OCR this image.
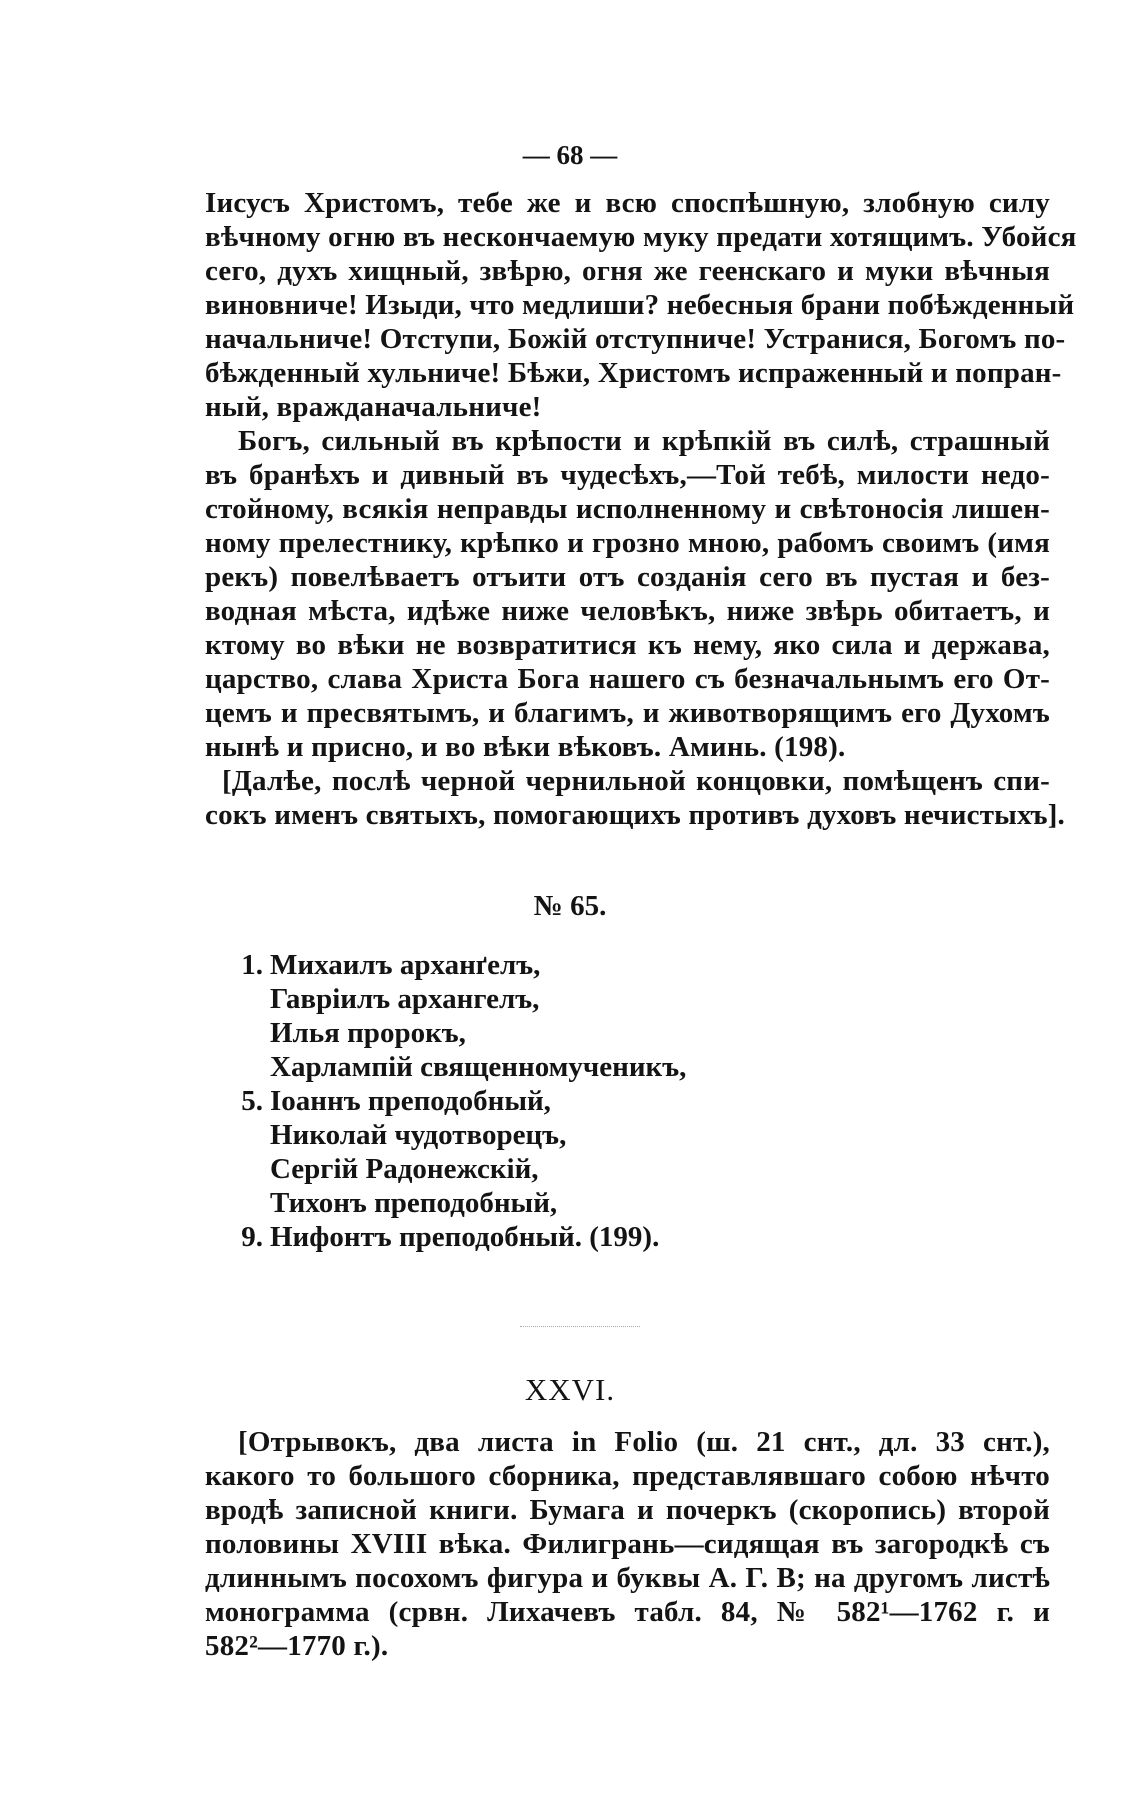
— 68 —
Іисусъ Христомъ, тебе же и всю споспѣшную, злобную силу
вѣчному огню въ нескончаемую муку предати хотящимъ. Убойся
сего, духъ хищный, звѣрю, огня же геенскаго и муки вѣчныя
виновниче! Изыди, что медлиши? небесныя брани побѣжденный
начальниче! Отступи, Божій отступниче! Устранися, Богомъ по-
бѣжденный хульниче! Бѣжи, Христомъ испраженный и попран-
ный, вражданачальниче!
Богъ, сильный въ крѣпости и крѣпкій въ силѣ, страшный
въ бранѣхъ и дивный въ чудесѣхъ,—Той тебѣ, милости недо-
стойному, всякія неправды исполненному и свѣтоносія лишен-
ному прелестнику, крѣпко и грозно мною, рабомъ своимъ (имя
рекъ) повелѣваетъ отъити отъ созданія сего въ пустая и без-
водная мѣста, идѣже ниже человѣкъ, ниже звѣрь обитаетъ, и
ктому во вѣки не возвратитися къ нему, яко сила и держава,
царство, слава Христа Бога нашего съ безначальнымъ его От-
цемъ и пресвятымъ, и благимъ, и животворящимъ его Духомъ
нынѣ и присно, и во вѣки вѣковъ. Аминь. (198).
[Далѣе, послѣ черной чернильной концовки, помѣщенъ спи-
сокъ именъ святыхъ, помогающихъ противъ духовъ нечистыхъ].
№ 65.
1. Михаилъ арханґелъ,
Гавріилъ архангелъ,
Илья пророкъ,
Харлампій священномученикъ,
5. Іоаннъ преподобный,
Николай чудотворецъ,
Сергій Радонежскій,
Тихонъ преподобный,
9. Нифонтъ преподобный. (199).
XXVI.
[Отрывокъ, два листа in Folio (ш. 21 снт., дл. 33 снт.),
какого то большого сборника, представлявшаго собою нѣчто
вродѣ записной книги. Бумага и почеркъ (скоропись) второй
половины XVIII вѣка. Филигрань—сидящая въ загородкѣ съ
длиннымъ посохомъ фигура и буквы А. Г. В; на другомъ листѣ
монограмма (срвн. Лихачевъ табл. 84, № 582¹—1762 г. и
582²—1770 г.).
